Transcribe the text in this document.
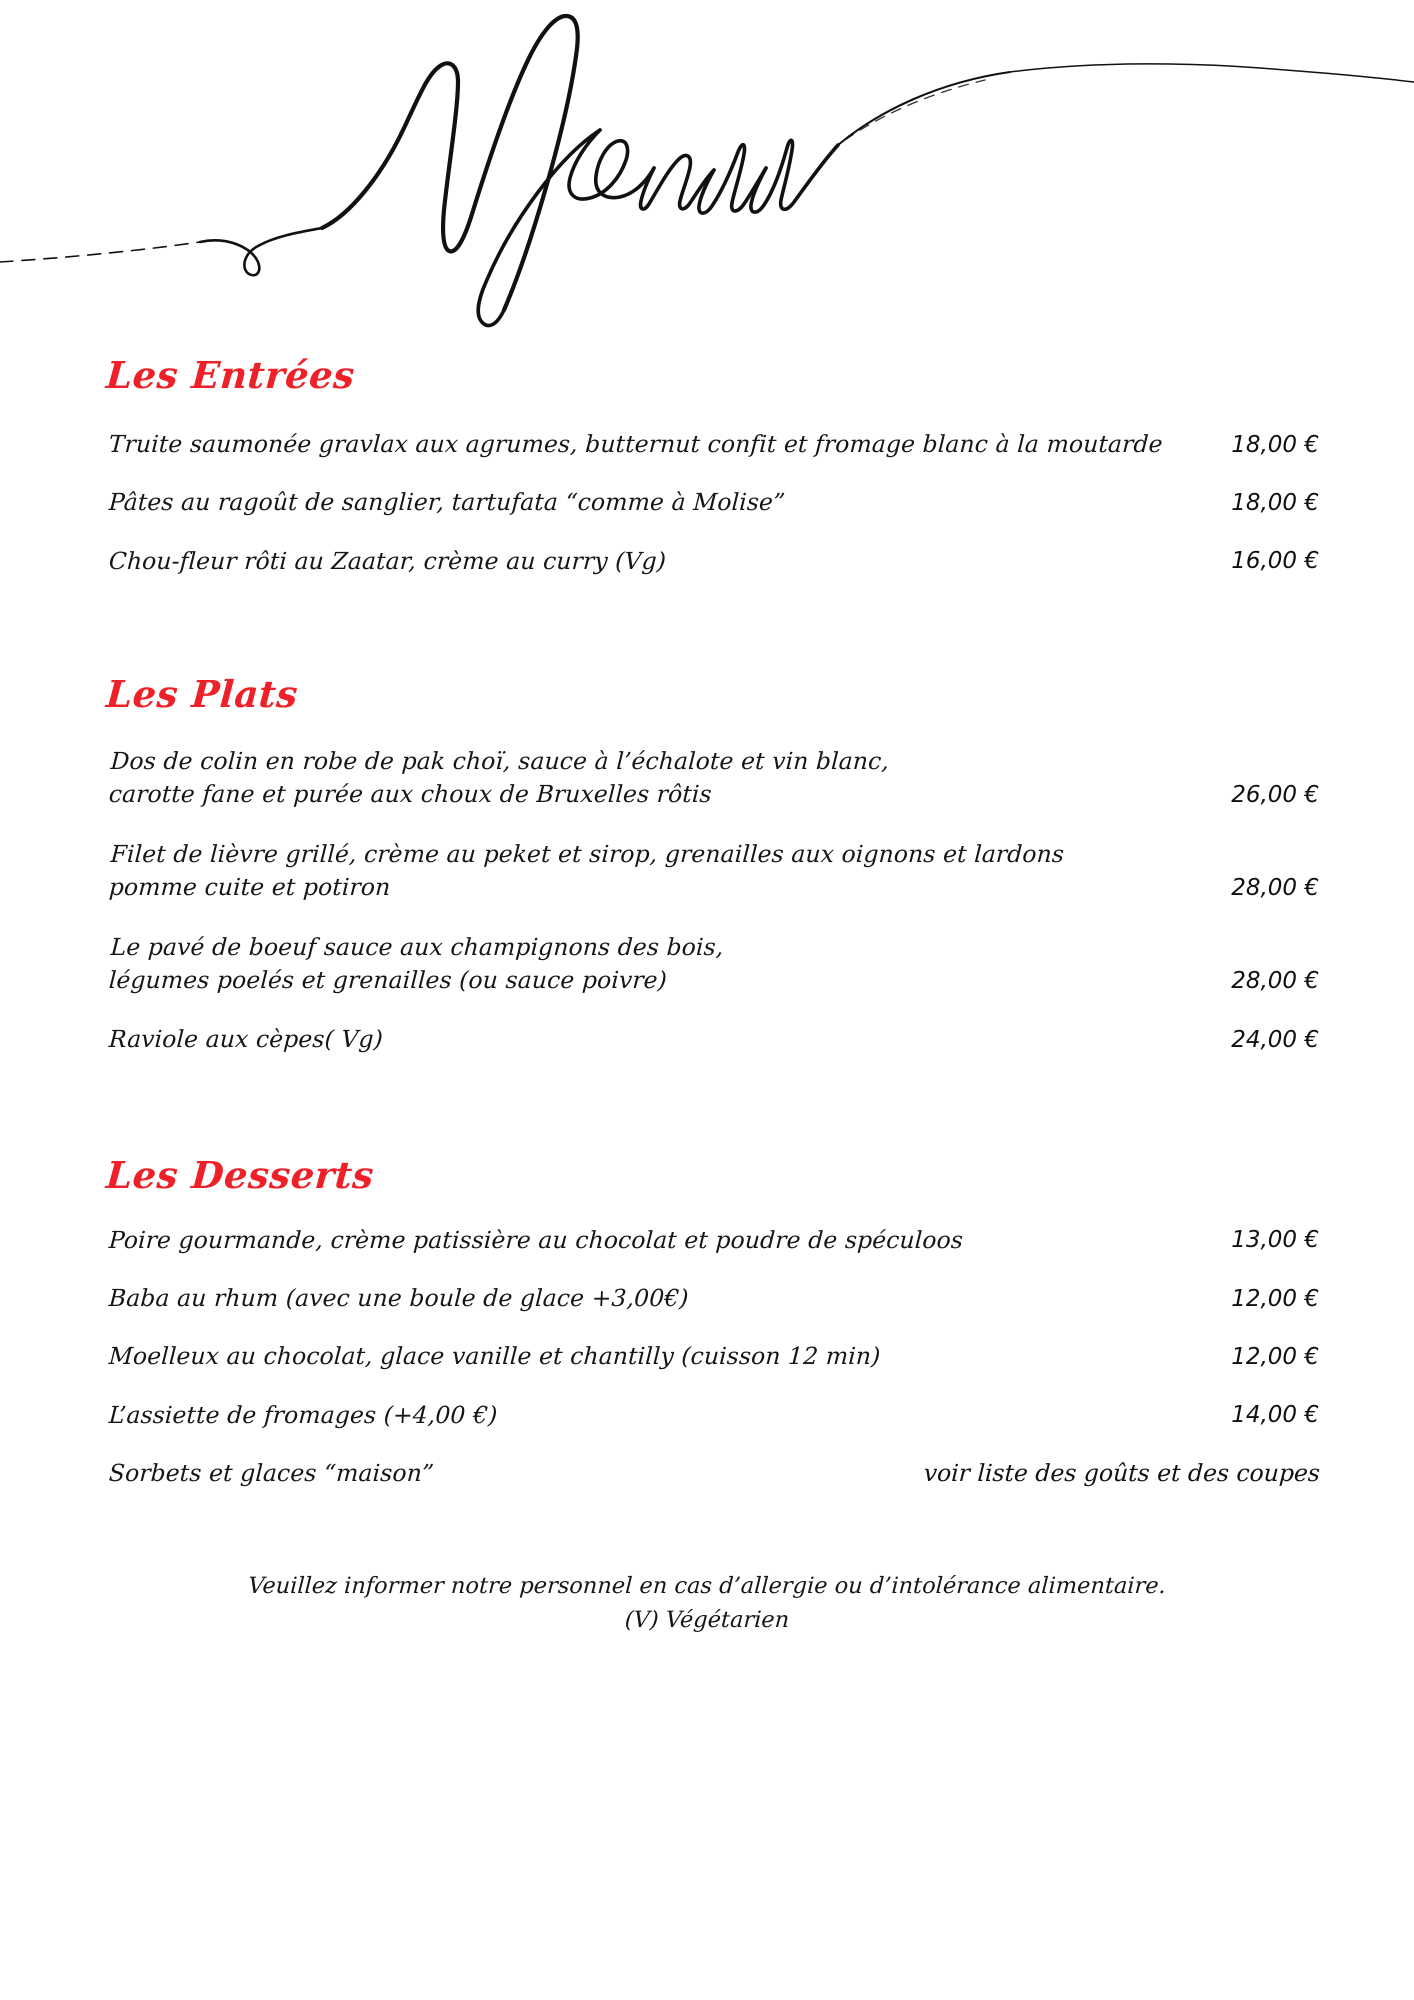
Les Entrées
Truite saumonée gravlax aux agrumes, butternut confit et fromage blanc à la moutarde	18,00 €
Pâtes au ragoût de sanglier, tartufata “comme à Molise”	18,00 €
Chou-fleur rôti au Zaatar, crème au curry (Vg)	16,00 €
Les Plats
Dos de colin en robe de pak choï, sauce à l’échalote et vin blanc,
carotte fane et purée aux choux de Bruxelles rôtis	26,00 €
Filet de lièvre grillé, crème au peket et sirop, grenailles aux oignons et lardons
pomme cuite et potiron	28,00 €
Le pavé de boeuf sauce aux champignons des bois,
légumes poelés et grenailles (ou sauce poivre)	28,00 €
Raviole aux cèpes( Vg)	24,00 €
Les Desserts
Poire gourmande, crème patissière au chocolat et poudre de spéculoos	13,00 €
Baba au rhum (avec une boule de glace +3,00€)	12,00 €
Moelleux au chocolat, glace vanille et chantilly (cuisson 12 min)	12,00 €
L’assiette de fromages (+4,00 €)	14,00 €
Sorbets et glaces “maison”	voir liste des goûts et des coupes
Veuillez informer notre personnel en cas d’allergie ou d’intolérance alimentaire.
(V) Végétarien
